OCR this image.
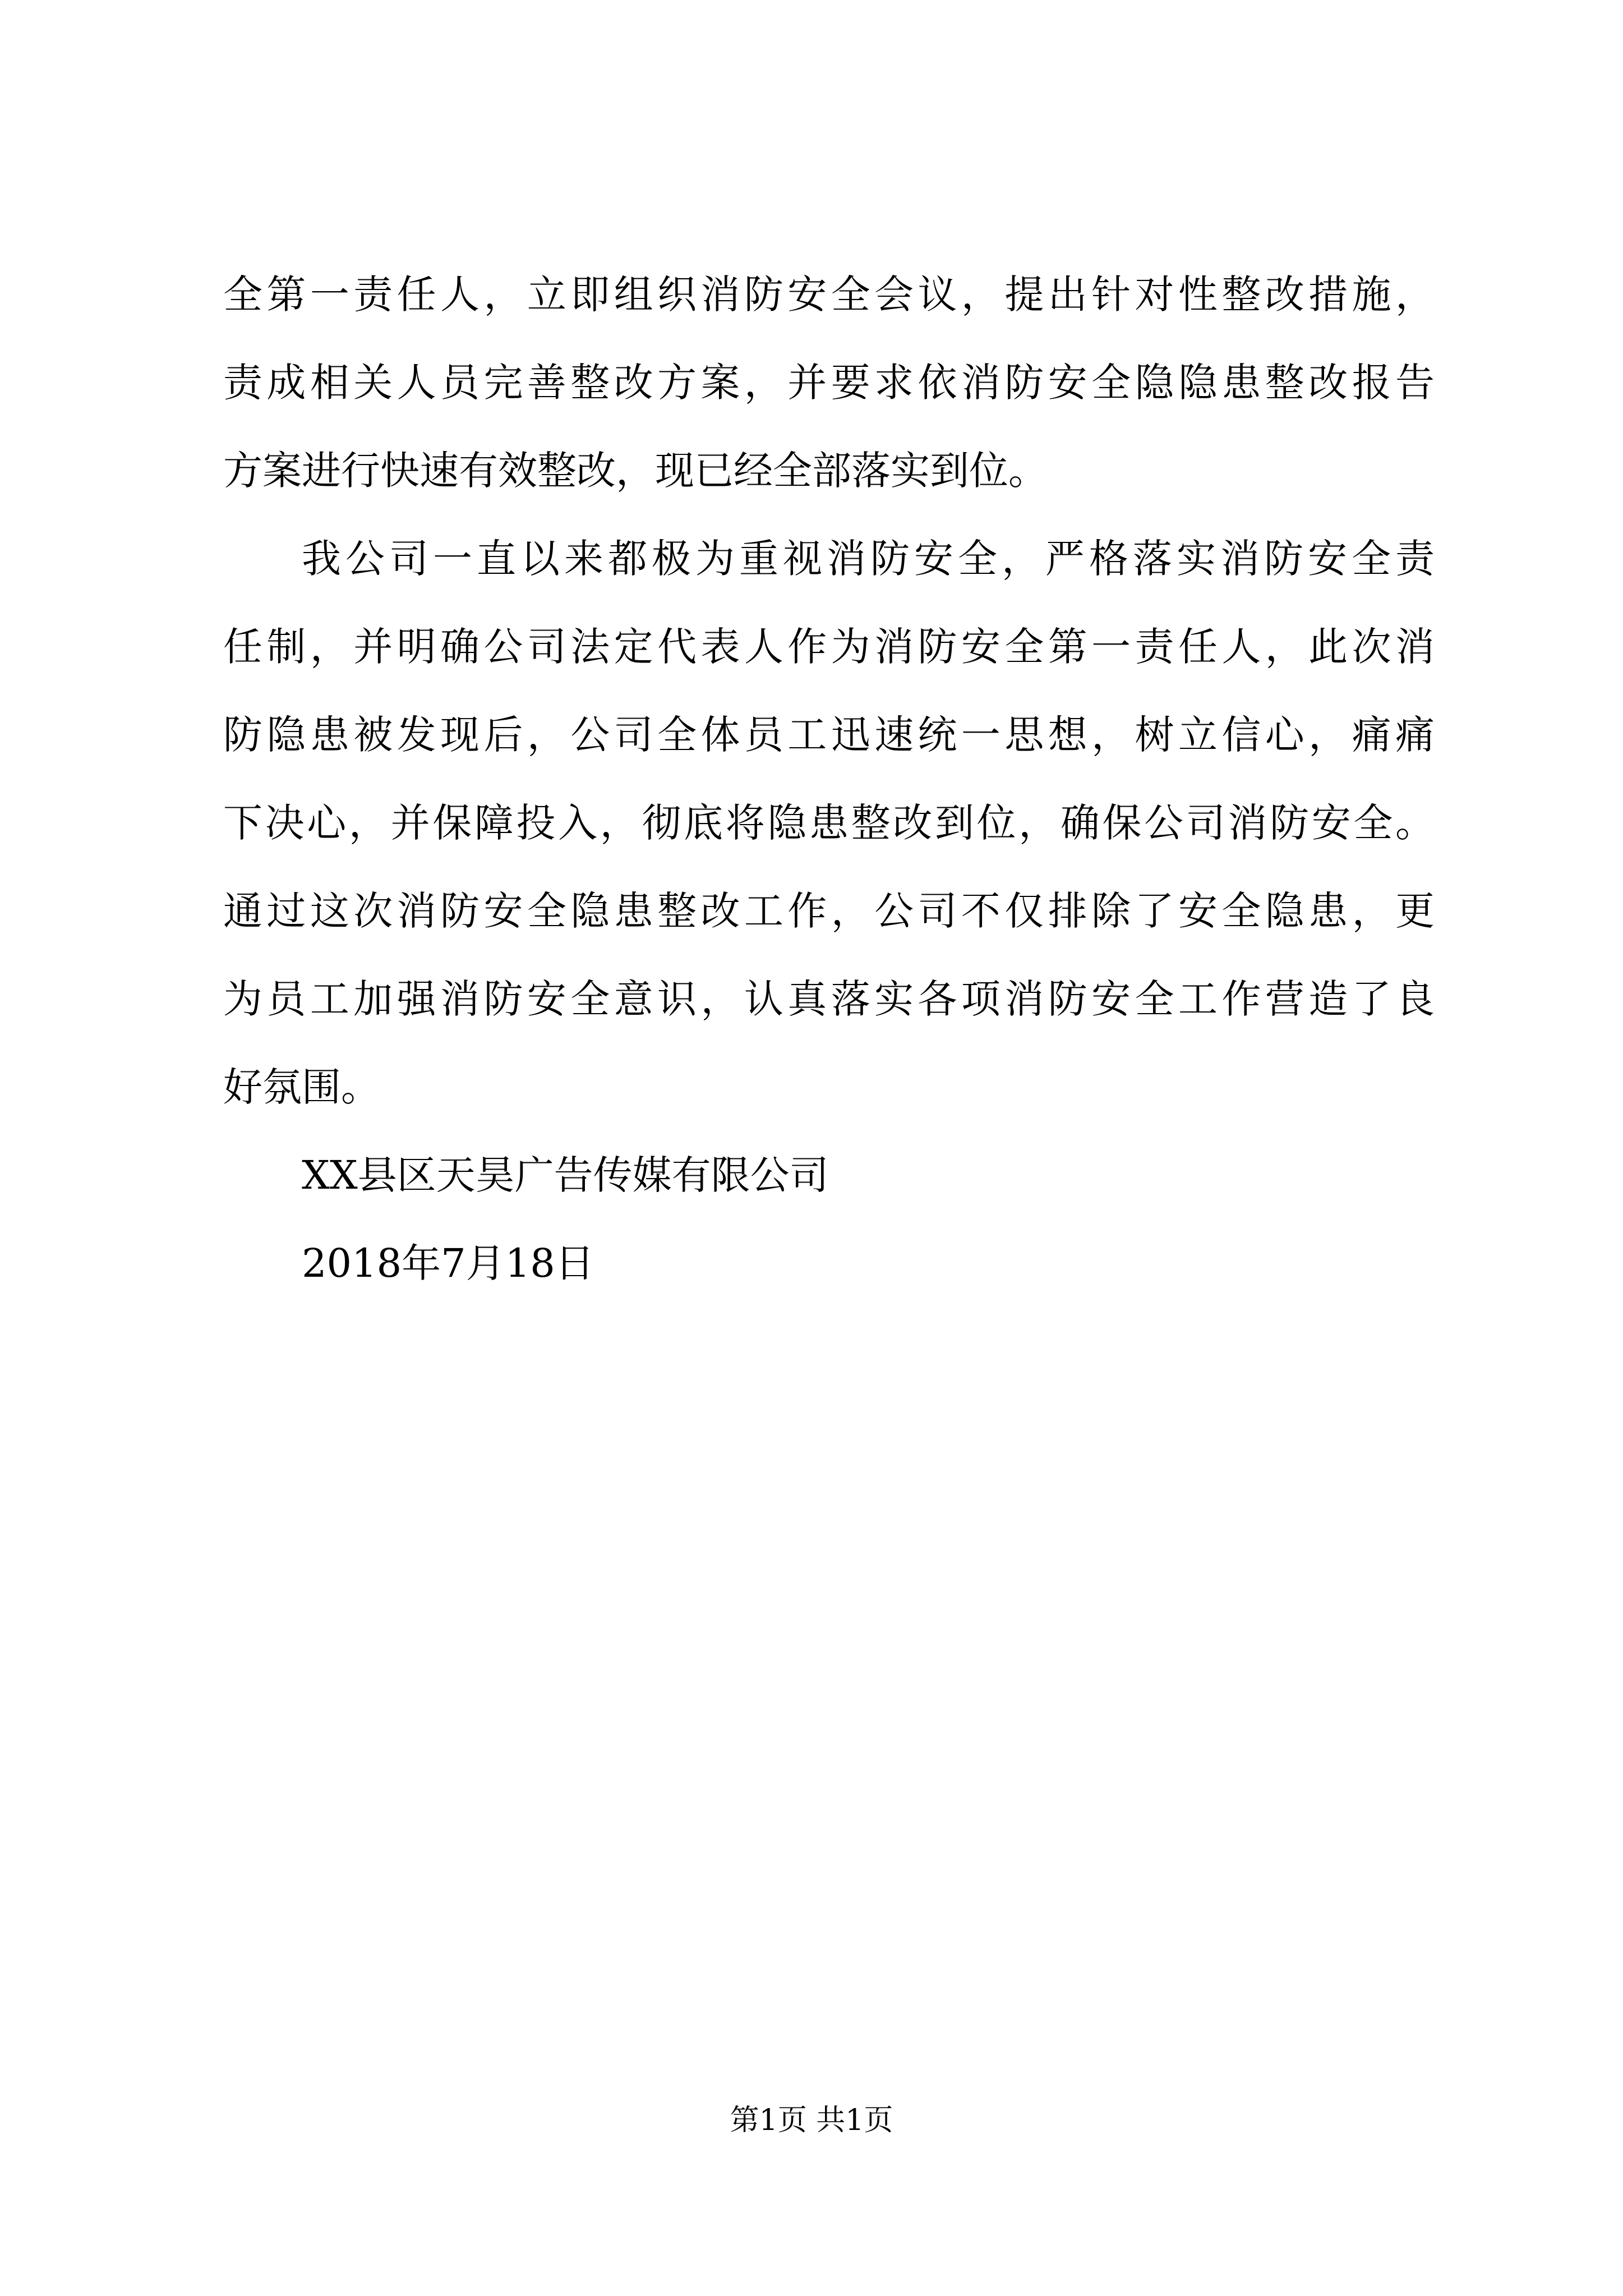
全第一责任人，立即组织消防安全会议，提出针对性整改措施，
责成相关人员完善整改方案，并要求依消防安全隐隐患整改报告
方案进行快速有效整改，现已经全部落实到位。
我公司一直以来都极为重视消防安全，严格落实消防安全责
任制，并明确公司法定代表人作为消防安全第一责任人，此次消
防隐患被发现后，公司全体员工迅速统一思想，树立信心，痛痛
下决心，并保障投入，彻底将隐患整改到位，确保公司消防安全。
通过这次消防安全隐患整改工作，公司不仅排除了安全隐患，更
为员工加强消防安全意识，认真落实各项消防安全工作营造了良
好氛围。
XX县区天昊广告传媒有限公司
2018年7月18日
第1页 共1页
